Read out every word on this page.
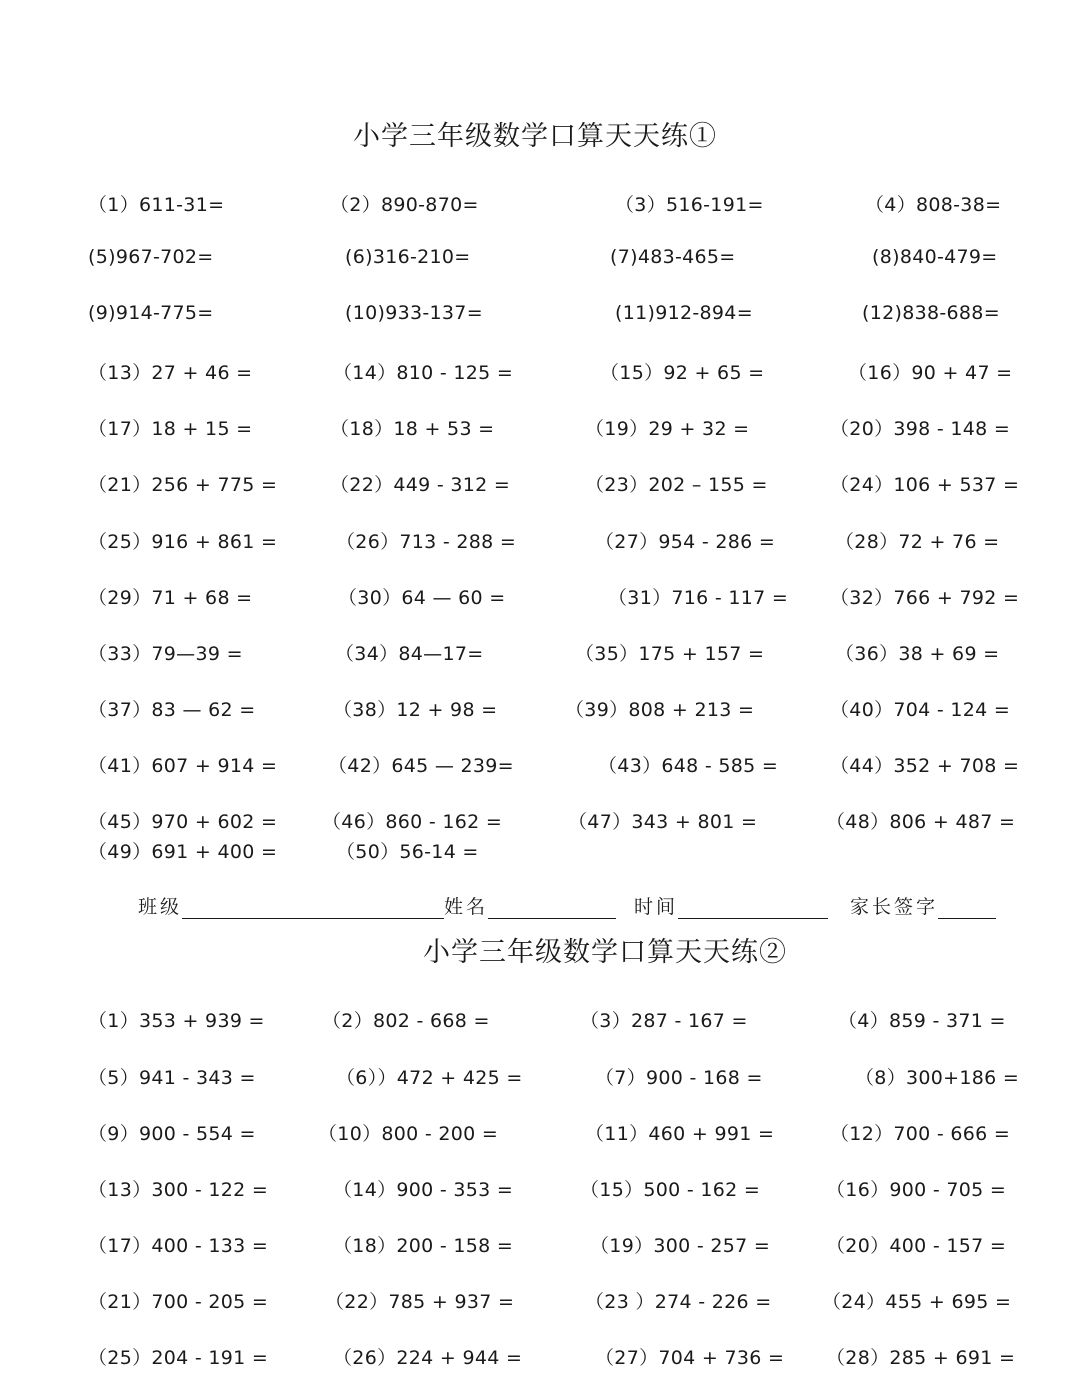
小学三年级数学口算天天练①
（1）611-31=	（2）890-870=	（3）516-191=	（4）808-38=
(5)967-702=	(6)316-210=	(7)483-465=	(8)840-479=
(9)914-775=	(10)933-137=	(11)912-894=	(12)838-688=
（13）27 + 46 =	（14）810 - 125 =	（15）92 + 65 =	（16）90 + 47 =
（17）18 + 15 =	（18）18 + 53 =	（19）29 + 32 =	（20）398 - 148 =
（21）256 + 775 =	（22）449 - 312 =	（23）202 – 155 =	（24）106 + 537 =
（25）916 + 861 =	（26）713 - 288 =	（27）954 - 286 =	（28）72 + 76 =
（29）71 + 68 =	（30）64 — 60 =	（31）716 - 117 = （32）766 + 792 =
（33）79—39 =	（34）84—17=	（35）175 + 157 =	（36）38 + 69 =
（37）83 — 62 =	（38）12 + 98 =	（39）808 + 213 =	（40）704 - 124 =
（41）607 + 914 =	（42）645 — 239=	（43）648 - 585 =	（44）352 + 708 =
（45）970 + 602 = （46）860 - 162 =	（47）343 + 801 =	（48）806 + 487 =
（49）691 + 400 =	（50）56-14 =
班级	姓名	时间	家长签字
小学三年级数学口算天天练②
（1）353 + 939 =	（2）802 - 668 =	（3）287 - 167 =	（4）859 - 371 =
（5）941 - 343 =	（6））472 + 425 =	（7）900 - 168 =	（8）300+186 =
（9）900 - 554 =	（10）800 - 200 =	（11）460 + 991 =	（12）700 - 666 =
（13）300 - 122 =	（14）900 - 353 =	（15）500 - 162 =	（16）900 - 705 =
（17）400 - 133 =	（18）200 - 158 =	（19）300 - 257 =	（20）400 - 157 =
（21）700 - 205 =	（22）785 + 937 =	（23 ）274 - 226 =	（24）455 + 695 =
（25）204 - 191 =	（26）224 + 944 =	（27）704 + 736 = （28）285 + 691 =
